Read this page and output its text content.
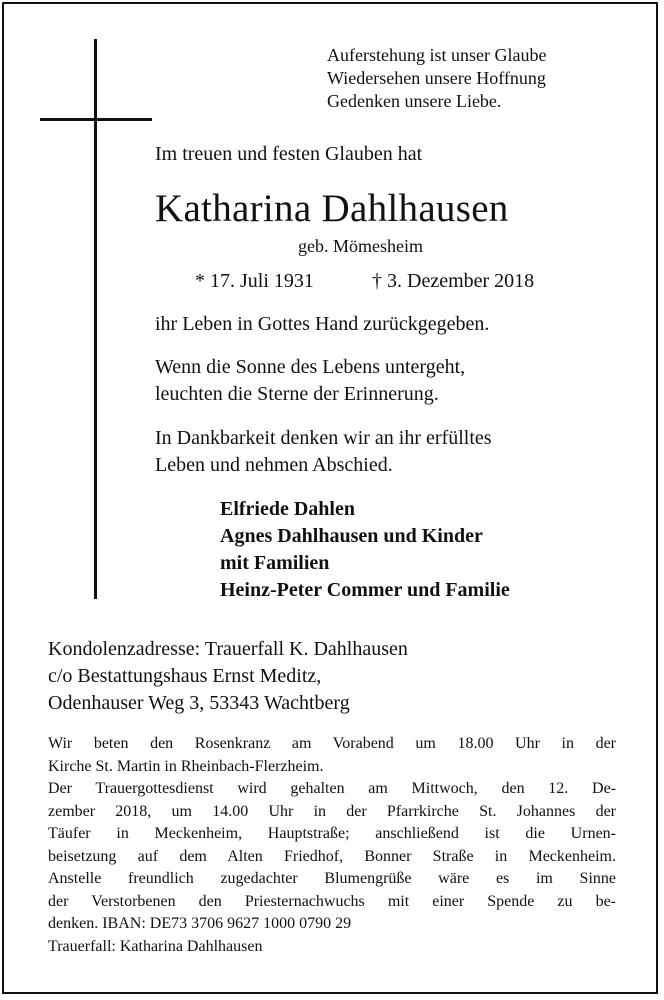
Auferstehung ist unser Glaube
Wiedersehen unsere Hoffnung
Gedenken unsere Liebe.
Im treuen und festen Glauben hat
Katharina Dahlhausen
geb. Mömesheim
* 17. Juli 1931	† 3. Dezember 2018
ihr Leben in Gottes Hand zurückgegeben.
Wenn die Sonne des Lebens untergeht,
leuchten die Sterne der Erinnerung.
In Dankbarkeit denken wir an ihr erfülltes
Leben und nehmen Abschied.
Elfriede Dahlen
Agnes Dahlhausen und Kinder
mit Familien
Heinz-Peter Commer und Familie
Kondolenzadresse: Trauerfall K. Dahlhausen
c/o Bestattungshaus Ernst Meditz,
Odenhauser Weg 3, 53343 Wachtberg
Wir beten den Rosenkranz am Vorabend um 18.00 Uhr in der
Kirche St. Martin in Rheinbach-Flerzheim.
Der Trauergottesdienst wird gehalten am Mittwoch, den 12. De-
zember 2018, um 14.00 Uhr in der Pfarrkirche St. Johannes der
Täufer in Meckenheim, Hauptstraße; anschließend ist die Urnen-
beisetzung auf dem Alten Friedhof, Bonner Straße in Meckenheim.
Anstelle freundlich zugedachter Blumengrüße wäre es im Sinne
der Verstorbenen den Priesternachwuchs mit einer Spende zu be-
denken. IBAN: DE73 3706 9627 1000 0790 29
Trauerfall: Katharina Dahlhausen
